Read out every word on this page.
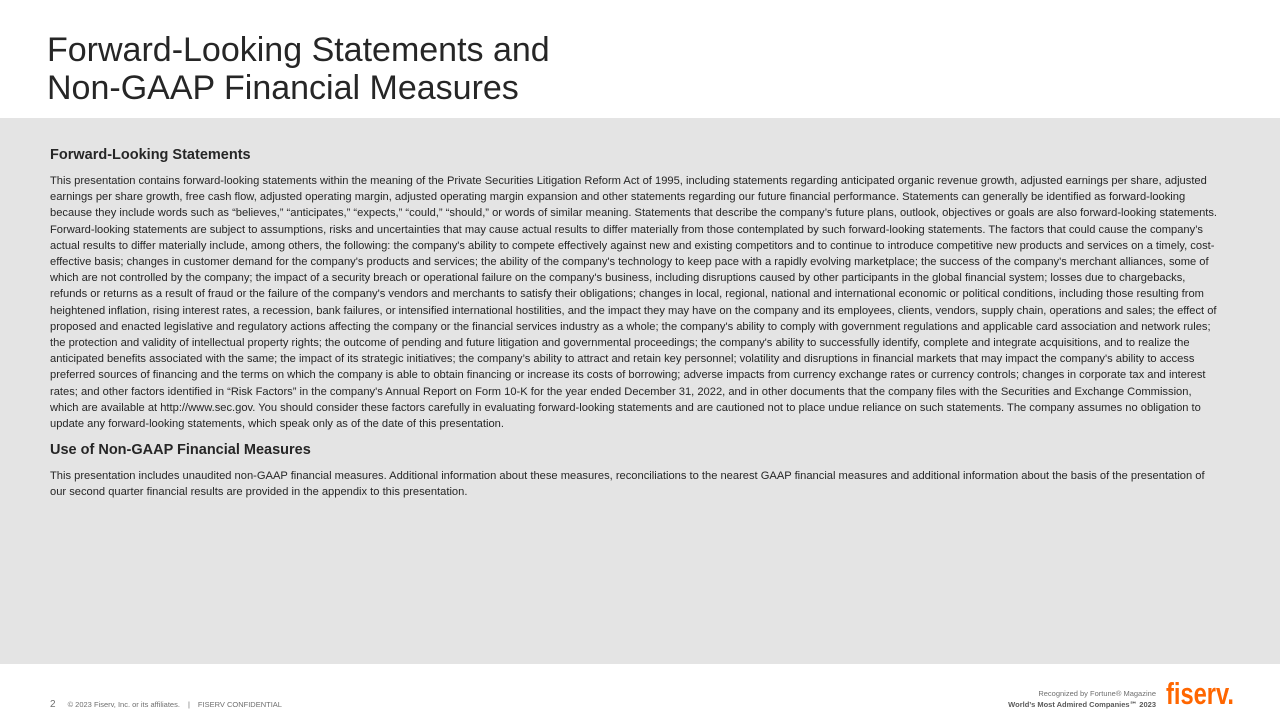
Forward-Looking Statements and
Non-GAAP Financial Measures
Forward-Looking Statements

This presentation contains forward-looking statements within the meaning of the Private Securities Litigation Reform Act of 1995, including statements regarding anticipated organic revenue growth, adjusted earnings per share, adjusted earnings per share growth, free cash flow, adjusted operating margin, adjusted operating margin expansion and other statements regarding our future financial performance. Statements can generally be identified as forward-looking because they include words such as “believes,” “anticipates,” “expects,” “could,” “should,” or words of similar meaning. Statements that describe the company’s future plans, outlook, objectives or goals are also forward-looking statements. Forward-looking statements are subject to assumptions, risks and uncertainties that may cause actual results to differ materially from those contemplated by such forward-looking statements. The factors that could cause the company’s actual results to differ materially include, among others, the following: the company's ability to compete effectively against new and existing competitors and to continue to introduce competitive new products and services on a timely, cost-effective basis; changes in customer demand for the company's products and services; the ability of the company's technology to keep pace with a rapidly evolving marketplace; the success of the company's merchant alliances, some of which are not controlled by the company; the impact of a security breach or operational failure on the company's business, including disruptions caused by other participants in the global financial system; losses due to chargebacks, refunds or returns as a result of fraud or the failure of the company's vendors and merchants to satisfy their obligations; changes in local, regional, national and international economic or political conditions, including those resulting from heightened inflation, rising interest rates, a recession, bank failures, or intensified international hostilities, and the impact they may have on the company and its employees, clients, vendors, supply chain, operations and sales; the effect of proposed and enacted legislative and regulatory actions affecting the company or the financial services industry as a whole; the company's ability to comply with government regulations and applicable card association and network rules; the protection and validity of intellectual property rights; the outcome of pending and future litigation and governmental proceedings; the company's ability to successfully identify, complete and integrate acquisitions, and to realize the anticipated benefits associated with the same; the impact of its strategic initiatives; the company’s ability to attract and retain key personnel; volatility and disruptions in financial markets that may impact the company's ability to access preferred sources of financing and the terms on which the company is able to obtain financing or increase its costs of borrowing; adverse impacts from currency exchange rates or currency controls; changes in corporate tax and interest rates; and other factors identified in “Risk Factors” in the company's Annual Report on Form 10-K for the year ended December 31, 2022, and in other documents that the company files with the Securities and Exchange Commission, which are available at http://www.sec.gov. You should consider these factors carefully in evaluating forward-looking statements and are cautioned not to place undue reliance on such statements. The company assumes no obligation to update any forward-looking statements, which speak only as of the date of this presentation.

Use of Non-GAAP Financial Measures

This presentation includes unaudited non-GAAP financial measures. Additional information about these measures, reconciliations to the nearest GAAP financial measures and additional information about the basis of the presentation of our second quarter financial results are provided in the appendix to this presentation.

2 © 2023 Fiserv, Inc. or its affiliates. | FISERV CONFIDENTIAL
Recognized by Fortune® Magazine
World’s Most Admired Companies℠ 2023 fiserv.
